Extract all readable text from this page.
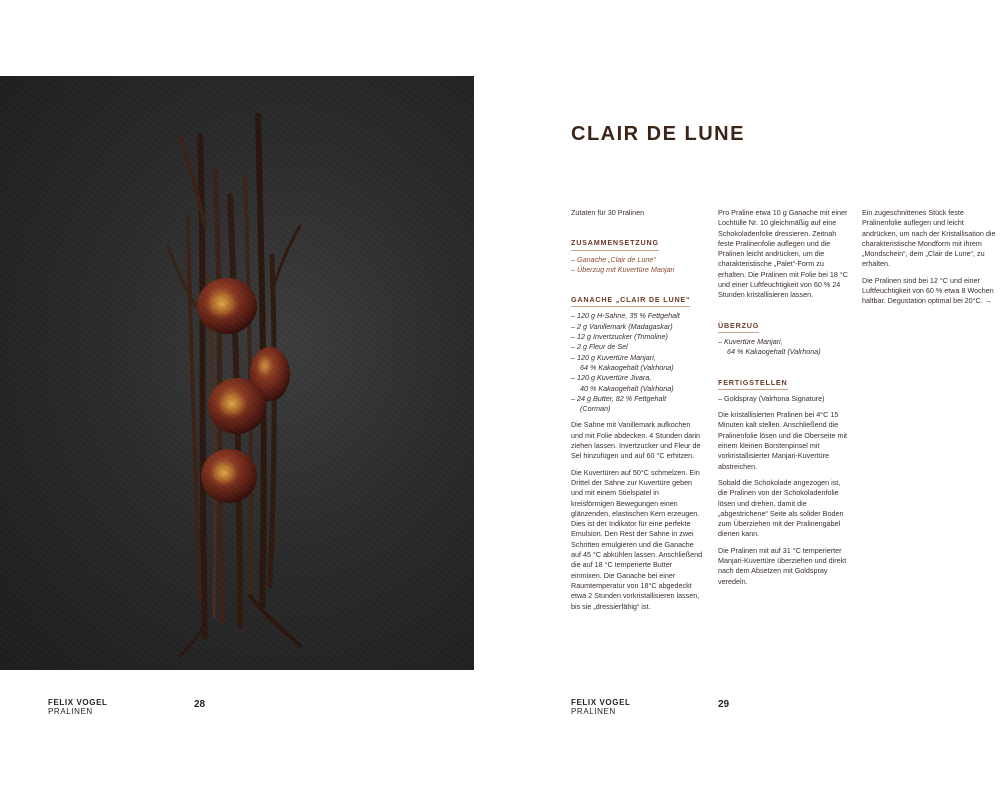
FELIX VOGEL
PRALINEN
28
CLAIR DE LUNE

Zutaten für 30 Pralinen

ZUSAMMENSETZUNG
– Ganache „Clair de Lune“
– Überzug mit Kuvertüre Manjari
GANACHE „CLAIR DE LUNE“
– 120 g H-Sahne, 35 % Fettgehalt
– 2 g Vanillemark (Madagaskar)
– 12 g Invertzucker (Trimoline)
– 2 g Fleur de Sel
– 120 g Kuvertüre Manjari,
64 % Kakaogehalt (Valrhona)
– 120 g Kuvertüre Jivara,
40 % Kakaogehalt (Valrhona)
– 24 g Butter, 82 % Fettgehalt
(Corman)

Die Sahne mit Vanillemark aufkochen und mit Folie abdecken. 4 Stunden darin ziehen lassen. Invertzucker und Fleur de Sel hinzufügen und auf 60 °C erhitzen.

Die Kuvertüren auf 50°C schmelzen. Ein Drittel der Sahne zur Kuvertüre geben und mit einem Stielspatel in kreisförmigen Bewegungen einen glänzenden, elastischen Kern erzeugen. Dies ist der Indikator für eine perfekte Emulsion. Den Rest der Sahne in zwei Schritten emulgieren und die Ganache auf 45 °C abkühlen lassen. Anschließend die auf 18 °C temperierte Butter einmixen. Die Ganache bei einer Raumtemperatur von 18°C abgedeckt etwa 2 Stunden vorkristallisieren lassen, bis sie „dressierfähig“ ist.

Pro Praline etwa 10 g Ganache mit einer Lochtülle Nr. 10 gleichmäßig auf eine Schokoladenfolie dressieren. Zeitnah feste Pralinenfolie auflegen und die Pralinen leicht andrücken, um die charakteristische „Palet“-Form zu erhalten. Die Pralinen mit Folie bei 18 °C und einer Luftfeuchtigkeit von 60 % 24 Stunden kristallisieren lassen.

ÜBERZUG
– Kuvertüre Manjari,
64 % Kakaogehalt (Valrhona)
FERTIGSTELLEN
– Goldspray (Valrhona Signature)

Die kristallisierten Pralinen bei 4°C 15 Minuten kalt stellen. Anschließend die Pralinenfolie lösen und die Oberseite mit einem kleinen Borstenpinsel mit vorkristallisierter Manjari-Kuvertüre abstreichen.

Sobald die Schokolade angezogen ist, die Pralinen von der Schokoladenfolie lösen und drehen, damit die „abgestrichene“ Seite als solider Boden zum Überziehen mit der Pralinengabel dienen kann.

Die Pralinen mit auf 31 °C temperierter Manjari-Kuvertüre überziehen und direkt nach dem Absetzen mit Goldspray veredeln.

Ein zugeschnittenes Stück feste Pralinenfolie auflegen und leicht andrücken, um nach der Kristallisation die charakteristische Mondform mit ihrem „Mondschein“, dem „Clair de Lune“, zu erhalten.

Die Pralinen sind bei 12 °C und einer Luftfeuchtigkeit von 60 % etwa 8 Wochen haltbar. Degustation optimal bei 20°C. →

FELIX VOGEL
PRALINEN
29
